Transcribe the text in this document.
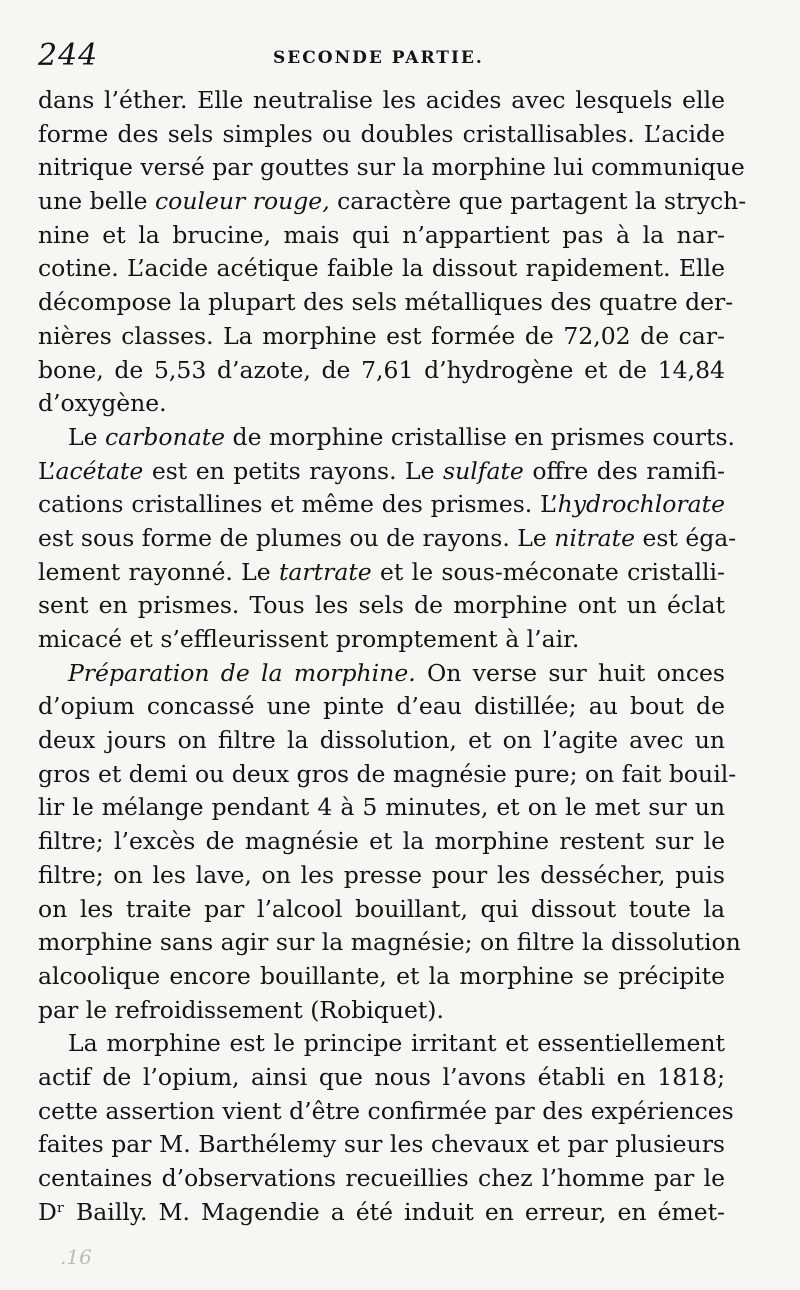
244	SECONDE PARTIE.
dans l’éther. Elle neutralise les acides avec lesquels elle
forme des sels simples ou doubles cristallisables. L’acide
nitrique versé par gouttes sur la morphine lui communique
une belle couleur rouge, caractère que partagent la strych-
nine et la brucine, mais qui n’appartient pas à la nar-
cotine. L’acide acétique faible la dissout rapidement. Elle
décompose la plupart des sels métalliques des quatre der-
nières classes. La morphine est formée de 72,02 de car-
bone, de 5,53 d’azote, de 7,61 d’hydrogène et de 14,84
d’oxygène.
Le carbonate de morphine cristallise en prismes courts.
L’acétate est en petits rayons. Le sulfate offre des ramifi-
cations cristallines et même des prismes. L’hydrochlorate
est sous forme de plumes ou de rayons. Le nitrate est éga-
lement rayonné. Le tartrate et le sous-méconate cristalli-
sent en prismes. Tous les sels de morphine ont un éclat
micacé et s’effleurissent promptement à l’air.
Préparation de la morphine. On verse sur huit onces
d’opium concassé une pinte d’eau distillée; au bout de
deux jours on filtre la dissolution, et on l’agite avec un
gros et demi ou deux gros de magnésie pure; on fait bouil-
lir le mélange pendant 4 à 5 minutes, et on le met sur un
filtre; l’excès de magnésie et la morphine restent sur le
filtre; on les lave, on les presse pour les dessécher, puis
on les traite par l’alcool bouillant, qui dissout toute la
morphine sans agir sur la magnésie; on filtre la dissolution
alcoolique encore bouillante, et la morphine se précipite
par le refroidissement (Robiquet).
La morphine est le principe irritant et essentiellement
actif de l’opium, ainsi que nous l’avons établi en 1818;
cette assertion vient d’être confirmée par des expériences
faites par M. Barthélemy sur les chevaux et par plusieurs
centaines d’observations recueillies chez l’homme par le
Dʳ Bailly. M. Magendie a été induit en erreur, en émet-
.16
